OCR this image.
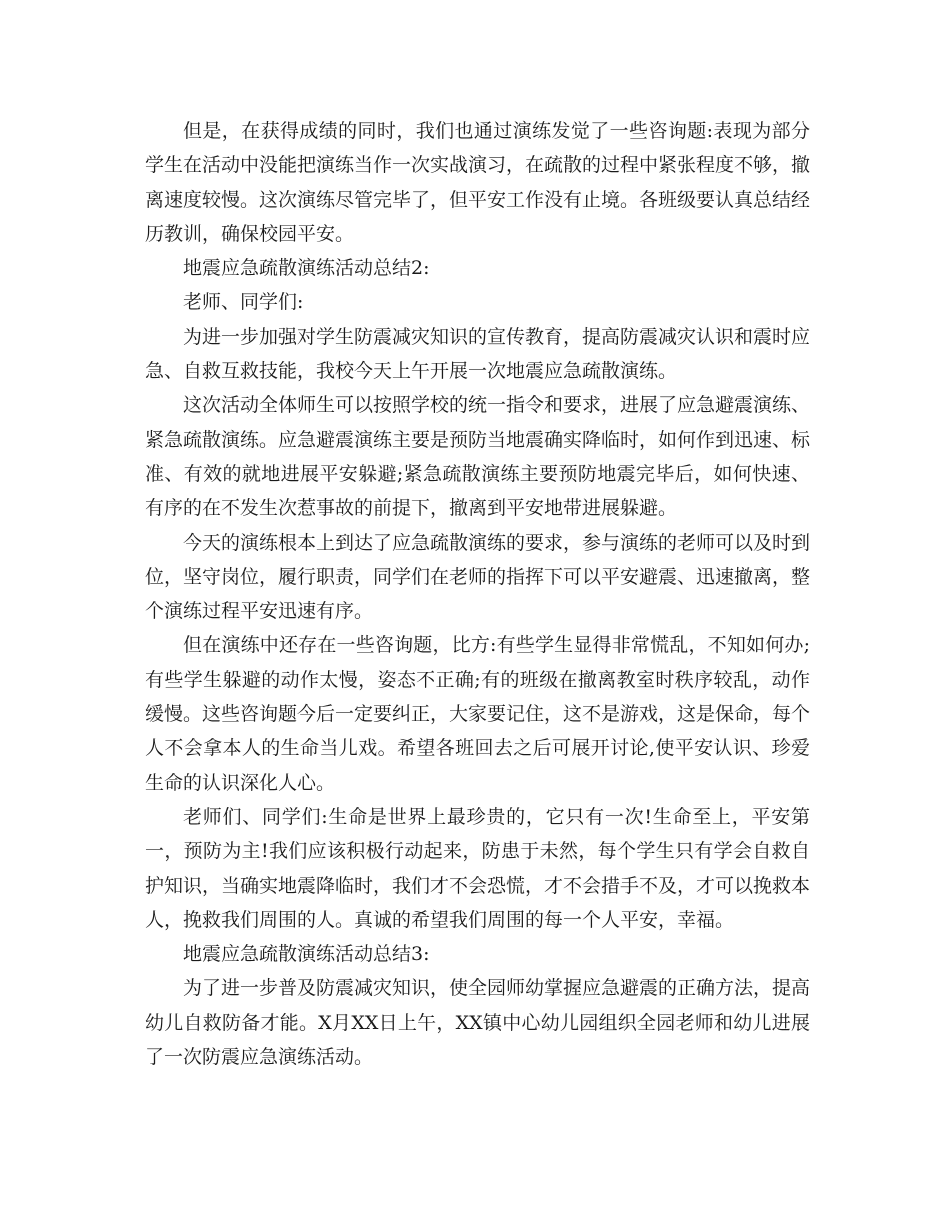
但是，在获得成绩的同时，我们也通过演练发觉了一些咨询题:表现为部分学生在活动中没能把演练当作一次实战演习，在疏散的过程中紧张程度不够，撤离速度较慢。这次演练尽管完毕了，但平安工作没有止境。各班级要认真总结经历教训，确保校园平安。

地震应急疏散演练活动总结2:

老师、同学们:

为进一步加强对学生防震减灾知识的宣传教育，提高防震减灾认识和震时应急、自救互救技能，我校今天上午开展一次地震应急疏散演练。

这次活动全体师生可以按照学校的统一指令和要求，进展了应急避震演练、紧急疏散演练。应急避震演练主要是预防当地震确实降临时，如何作到迅速、标准、有效的就地进展平安躲避;紧急疏散演练主要预防地震完毕后，如何快速、有序的在不发生次惹事故的前提下，撤离到平安地带进展躲避。

今天的演练根本上到达了应急疏散演练的要求，参与演练的老师可以及时到位，坚守岗位，履行职责，同学们在老师的指挥下可以平安避震、迅速撤离，整个演练过程平安迅速有序。

但在演练中还存在一些咨询题，比方:有些学生显得非常慌乱，不知如何办;有些学生躲避的动作太慢，姿态不正确;有的班级在撤离教室时秩序较乱，动作缓慢。这些咨询题今后一定要纠正，大家要记住，这不是游戏，这是保命，每个人不会拿本人的生命当儿戏。希望各班回去之后可展开讨论,使平安认识、珍爱生命的认识深化人心。

老师们、同学们:生命是世界上最珍贵的，它只有一次!生命至上，平安第一，预防为主!我们应该积极行动起来，防患于未然，每个学生只有学会自救自护知识，当确实地震降临时，我们才不会恐慌，才不会措手不及，才可以挽救本人，挽救我们周围的人。真诚的希望我们周围的每一个人平安，幸福。

地震应急疏散演练活动总结3:

为了进一步普及防震减灾知识，使全园师幼掌握应急避震的正确方法，提高幼儿自救防备才能。X月XX日上午，XX镇中心幼儿园组织全园老师和幼儿进展了一次防震应急演练活动。
